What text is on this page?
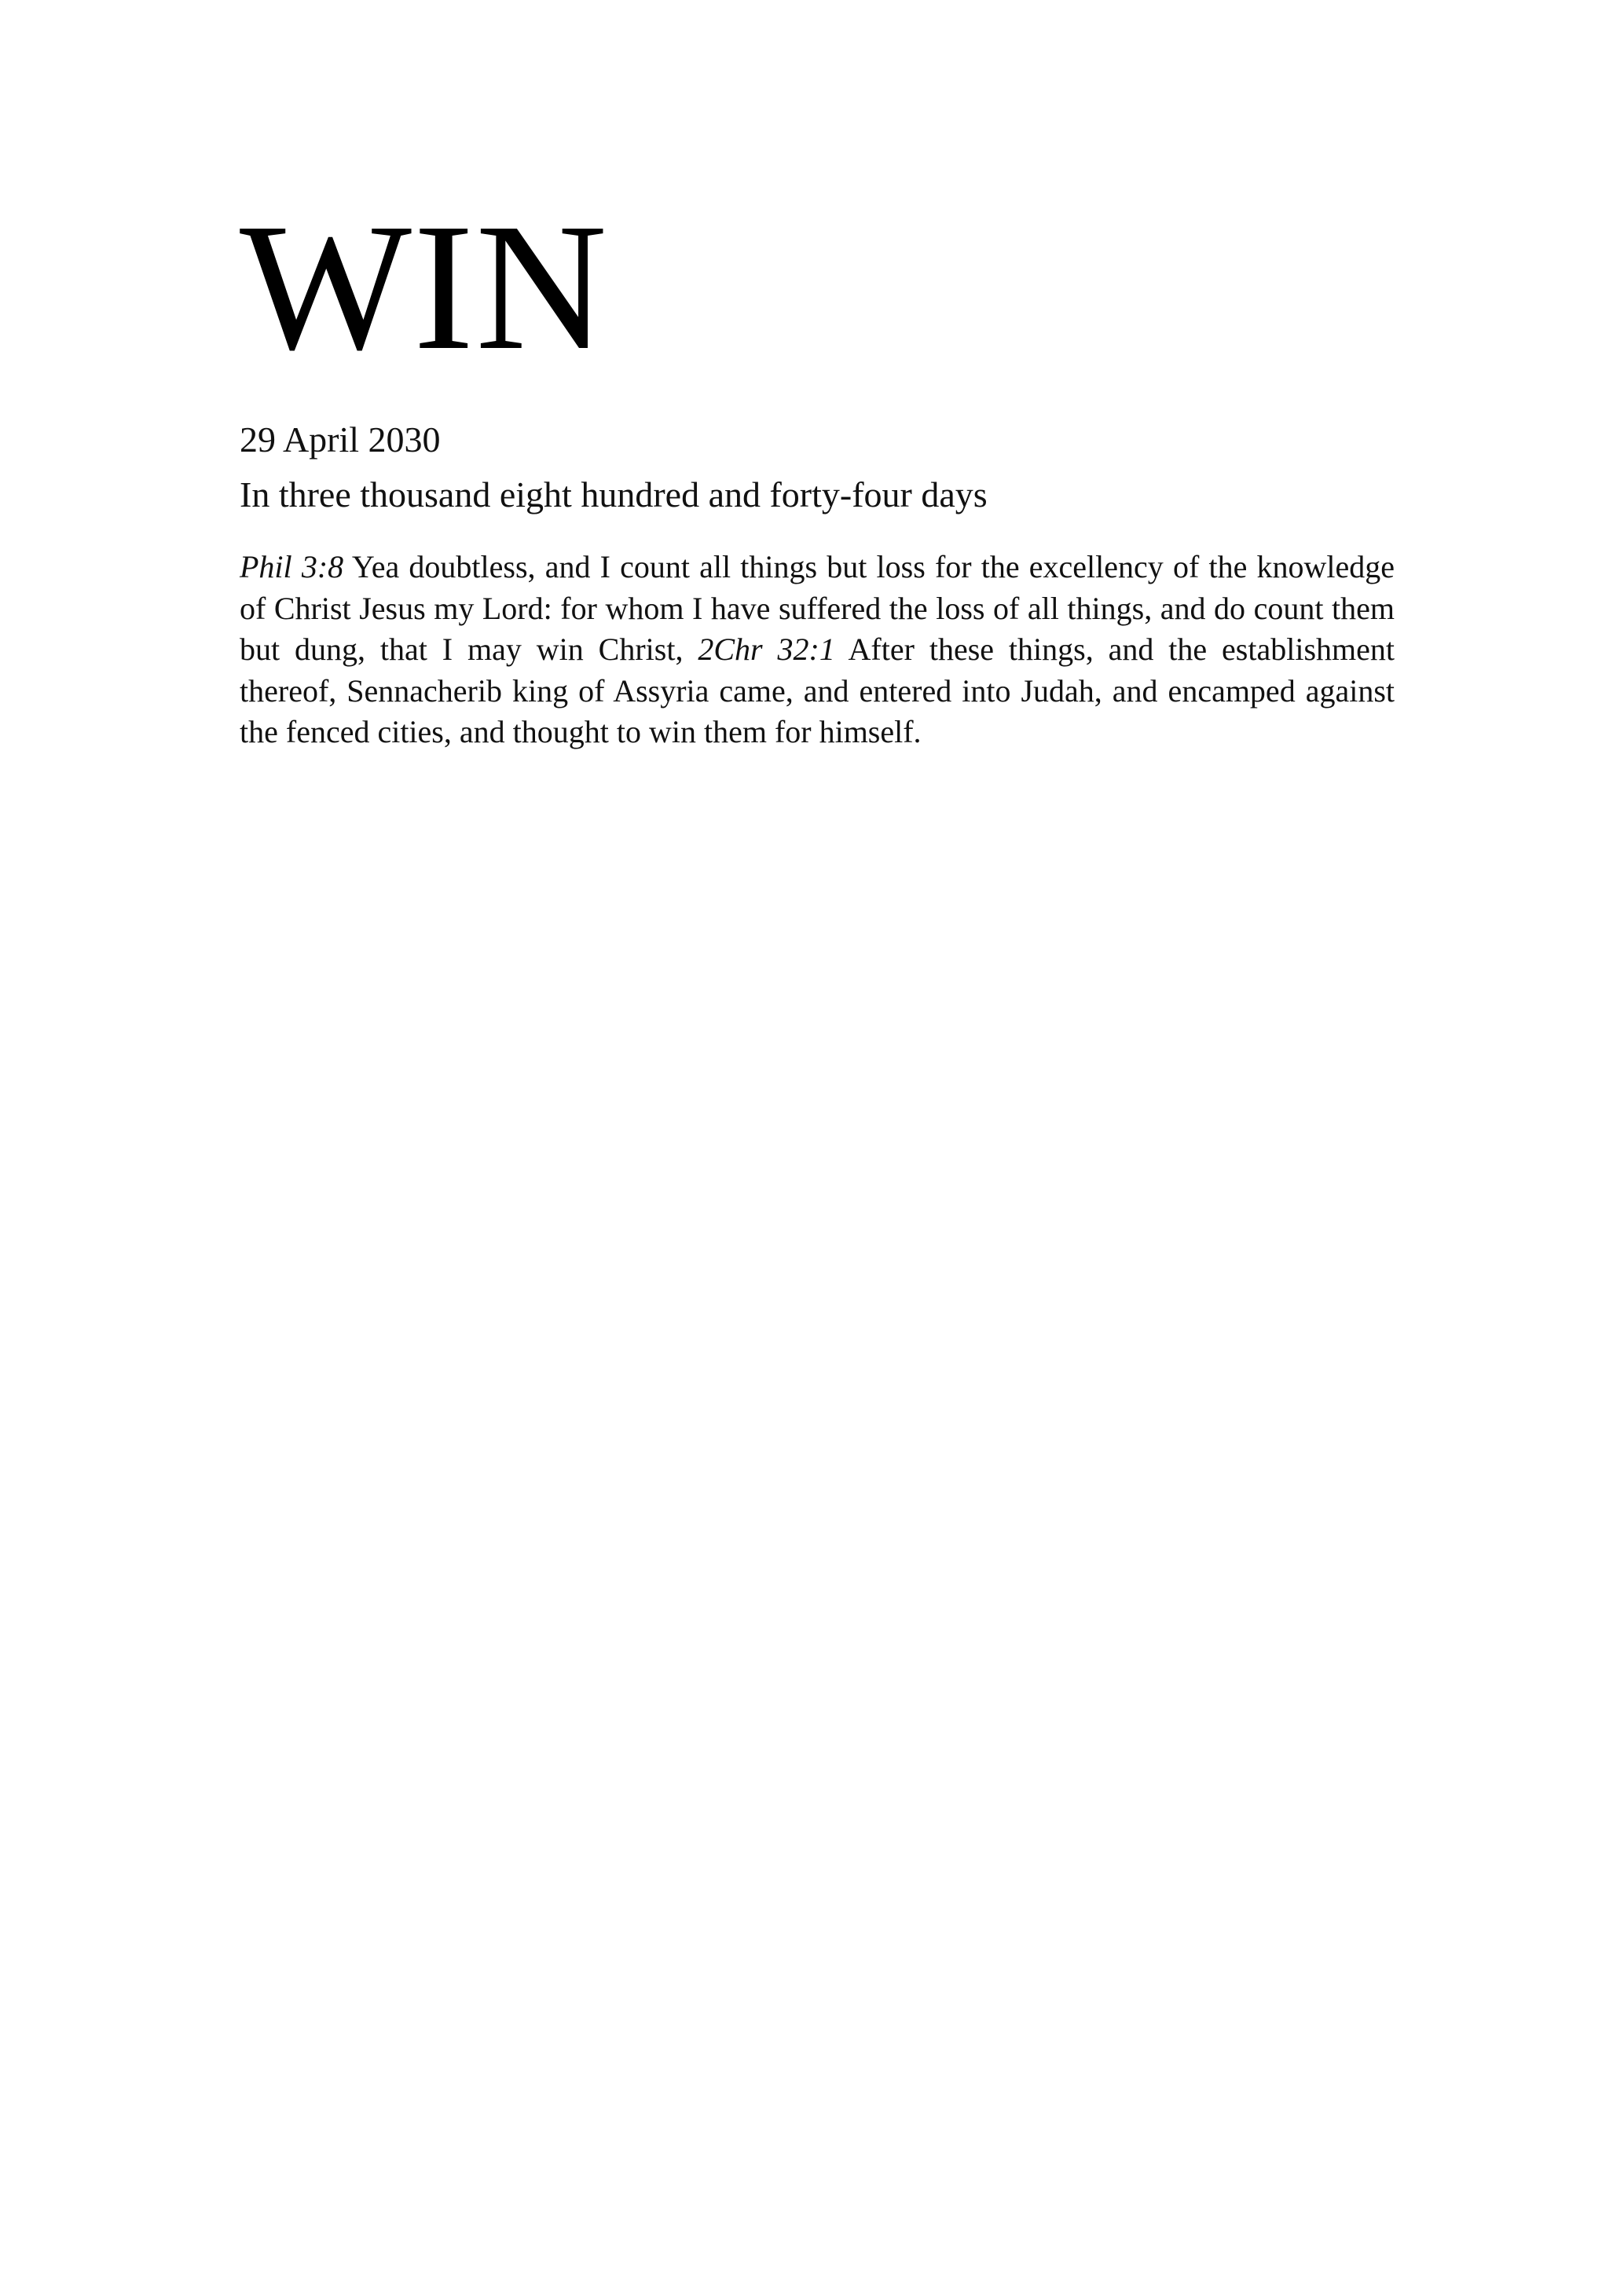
WIN
29 April 2030
In three thousand eight hundred and forty-four days

Phil 3:8 Yea doubtless, and I count all things but loss for the excellency of the knowledge of Christ Jesus my Lord: for whom I have suffered the loss of all things, and do count them but dung, that I may win Christ, 2Chr 32:1 After these things, and the establishment thereof, Sennacherib king of Assyria came, and entered into Judah, and encamped against the fenced cities, and thought to win them for himself.
